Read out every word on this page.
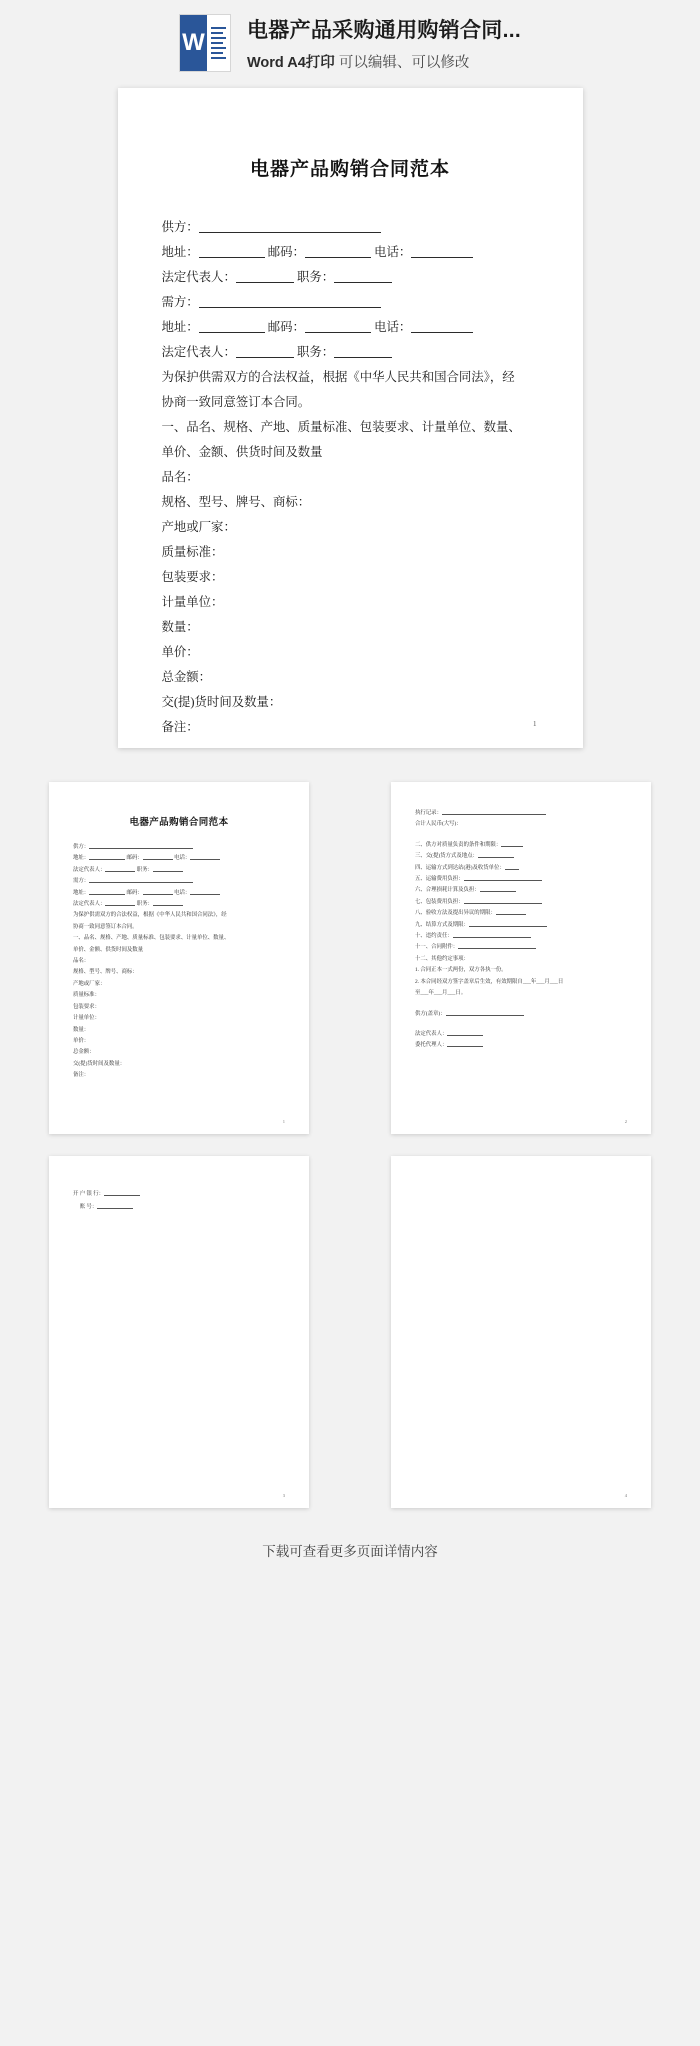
W 电器产品采购通用购销合同...
Word A4打印 可以编辑、可以修改
电器产品购销合同范本
供方：
地址：	邮码：	电话：
法定代表人：	职务：
需方：
地址：	邮码：	电话：
法定代表人：	职务：
为保护供需双方的合法权益，根据《中华人民共和国合同法》，经
协商一致同意签订本合同。
一、品名、规格、产地、质量标准、包装要求、计量单位、数量、
单价、金额、供货时间及数量
品名：
规格、型号、牌号、商标：
产地或厂家：
质量标准：
包装要求：
计量单位：
数量：
单价：
总金额：
交(提)货时间及数量：
备注：	1
电器产品购销合同范本
供方：
地址：	邮码：	电话：
法定代表人：	职务：
需方：
地址：	邮码：	电话：
法定代表人：	职务：
为保护供需双方的合法权益，根据《中华人民共和国合同法》，经
协商一致同意签订本合同。
一、品名、规格、产地、质量标准、包装要求、计量单位、数量、
单价、金额、供货时间及数量
品名：
规格、型号、牌号、商标：
产地或厂家：
质量标准：
包装要求：
计量单位：
数量：
单价：
总金额：
交(提)货时间及数量：
备注：
1
执行记录：
合计人民币(大写)：
二、供方对质量负责的条件和期限：
三、交(提)货方式及地点：
四、运输方式到达站(港)及收货单位：
五、运输费用负担：
六、合理损耗计算及负担：
七、包装费用负担：
八、验收方法及提出异议的期限：
九、结算方式及期限：
十、违约责任：
十一、合同附件：
十二、其他约定事项：
1. 合同正本一式两份，双方各执一份。
2. 本合同经双方签字盖章后生效，有效期限自___年___月___日
至___年___月___日。
供方(盖章)：
法定代表人：
委托代理人：
2
开 户 银 行：
账 号：
3	4
下载可查看更多页面详情内容
